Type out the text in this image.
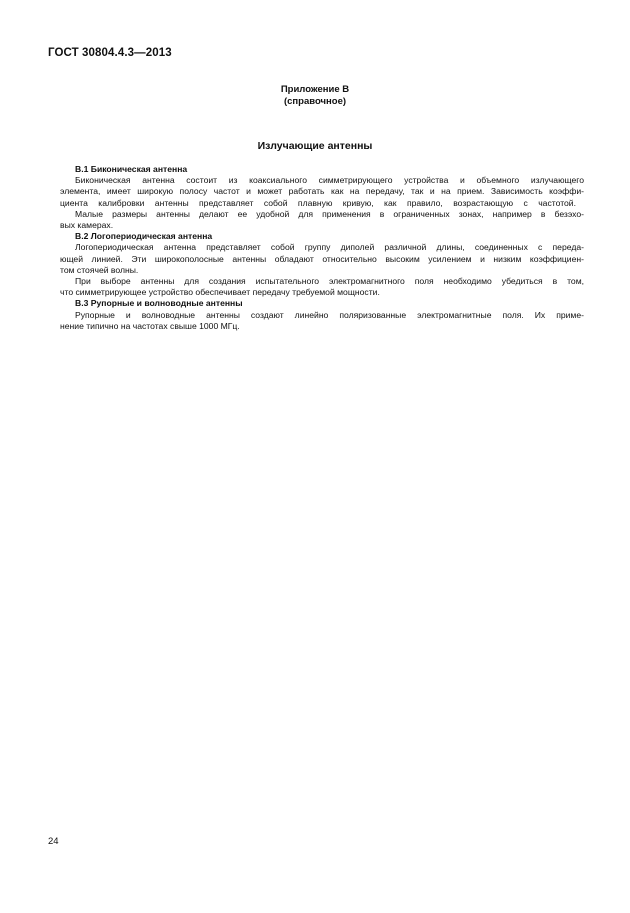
ГОСТ 30804.4.3—2013
Приложение В
(справочное)
Излучающие антенны
В.1 Биконическая антенна
Биконическая антенна состоит из коаксиального симметрирующего устройства и объемного излучающего
элемента, имеет широкую полосу частот и может работать как на передачу, так и на прием. Зависимость коэффи-
циента калибровки антенны представляет собой плавную кривую, как правило, возрастающую с частотой.
Малые размеры антенны делают ее удобной для применения в ограниченных зонах, например в безэхо-
вых камерах.
В.2 Логопериодическая антенна
Логопериодическая антенна представляет собой группу диполей различной длины, соединенных с переда-
ющей линией. Эти широкополосные антенны обладают относительно высоким усилением и низким коэффициен-
том стоячей волны.
При выборе антенны для создания испытательного электромагнитного поля необходимо убедиться в том,
что симметрирующее устройство обеспечивает передачу требуемой мощности.
В.3 Рупорные и волноводные антенны
Рупорные и волноводные антенны создают линейно поляризованные электромагнитные поля. Их приме-
нение типично на частотах свыше 1000 МГц.
24
